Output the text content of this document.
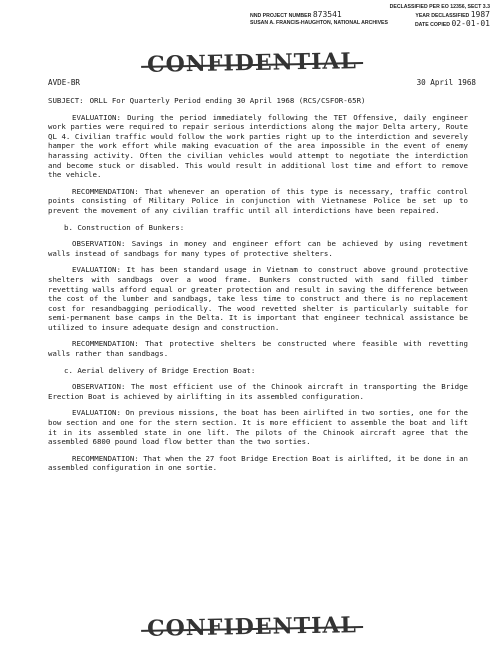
DECLASSIFIED PER EO 12356, SECT 3.3
NND PROJECT NUMBER 873541	YEAR DECLASSIFIED 1987
SUSAN A. FRANCIS-HAUGHTON, NATIONAL ARCHIVES	DATE COPIED 02-01-01
CONFIDENTIAL
AVDE-BR	30 April 1968

SUBJECT: ORLL For Quarterly Period ending 30 April 1968 (RCS/CSFOR-65R)

EVALUATION: During the period immediately following the TET Offensive, daily engineer work parties were required to repair serious interdictions along the major Delta artery, Route QL 4. Civilian traffic would follow the work parties right up to the interdiction and severely hamper the work effort while making evacuation of the area impossible in the event of enemy harassing activity. Often the civilian vehicles would attempt to negotiate the interdiction and become stuck or disabled. This would result in additional lost time and effort to remove the vehicle.

RECOMMENDATION: That whenever an operation of this type is necessary, traffic control points consisting of Military Police in conjunction with Vietnamese Police be set up to prevent the movement of any civilian traffic until all interdictions have been repaired.

b. Construction of Bunkers:

OBSERVATION: Savings in money and engineer effort can be achieved by using revetment walls instead of sandbags for many types of protective shelters.

EVALUATION: It has been standard usage in Vietnam to construct above ground protective shelters with sandbags over a wood frame. Bunkers constructed with sand filled timber revetting walls afford equal or greater protection and result in saving the difference between the cost of the lumber and sandbags, take less time to construct and there is no replacement cost for resandbagging periodically. The wood revetted shelter is particularly suitable for semi-permanent base camps in the Delta. It is important that engineer technical assistance be utilized to insure adequate design and construction.

RECOMMENDATION: That protective shelters be constructed where feasible with revetting walls rather than sandbags.

c. Aerial delivery of Bridge Erection Boat:

OBSERVATION: The most efficient use of the Chinook aircraft in transporting the Bridge Erection Boat is achieved by airlifting in its assembled configuration.

EVALUATION: On previous missions, the boat has been airlifted in two sorties, one for the bow section and one for the stern section. It is more efficient to assemble the boat and lift it in its assembled state in one lift. The pilots of the Chinook aircraft agree that the assembled 6800 pound load flow better than the two sorties.

RECOMMENDATION: That when the 27 foot Bridge Erection Boat is airlifted, it be done in an assembled configuration in one sortie.

CONFIDENTIAL
